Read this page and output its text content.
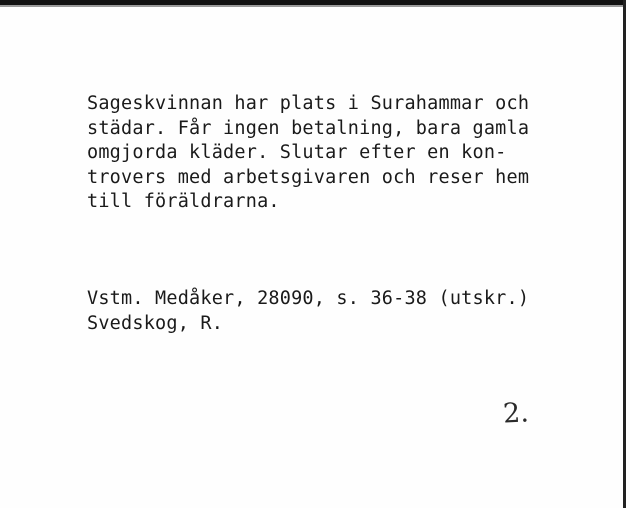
Sageskvinnan har plats i Surahammar och
städar. Får ingen betalning, bara gamla
omgjorda kläder. Slutar efter en kon-
trovers med arbetsgivaren och reser hem
till föräldrarna.
Vstm. Medåker, 28090, s. 36-38 (utskr.)
Svedskog, R.
2.
